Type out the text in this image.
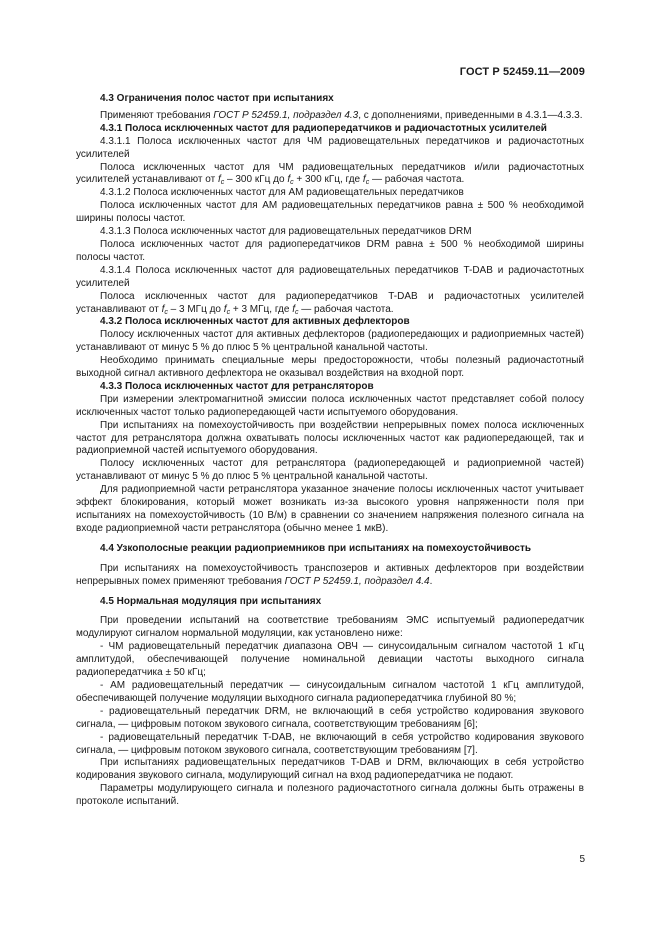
ГОСТ Р 52459.11—2009

4.3 Ограничения полос частот при испытаниях

Применяют требования ГОСТ Р 52459.1, подраздел 4.3, с дополнениями, приведенными в 4.3.1—4.3.3.

4.3.1 Полоса исключенных частот для радиопередатчиков и радиочастотных усилителей

4.3.1.1 Полоса исключенных частот для ЧМ радиовещательных передатчиков и радиочастотных усилителей

Полоса исключенных частот для ЧМ радиовещательных передатчиков и/или радиочастотных усилителей устанавливают от $f_c - 300$ кГц до $f_c + 300$ кГц, где $f_c$ — рабочая частота.

4.3.1.2 Полоса исключенных частот для АМ радиовещательных передатчиков

Полоса исключенных частот для АМ радиовещательных передатчиков равна ± 500 % необходимой ширины полосы частот.

4.3.1.3 Полоса исключенных частот для радиовещательных передатчиков DRM

Полоса исключенных частот для радиопередатчиков DRM равна ± 500 % необходимой ширины полосы частот.

4.3.1.4 Полоса исключенных частот для радиовещательных передатчиков T-DAB и радиочастотных усилителей

Полоса исключенных частот для радиопередатчиков T-DAB и радиочастотных усилителей устанавливают от $f_c - 3$ МГц до $f_c + 3$ МГц, где $f_c$ — рабочая частота.

4.3.2 Полоса исключенных частот для активных дефлекторов

Полосу исключенных частот для активных дефлекторов (радиопередающих и радиоприемных частей) устанавливают от минус 5 % до плюс 5 % центральной канальной частоты.

Необходимо принимать специальные меры предосторожности, чтобы полезный радиочастотный выходной сигнал активного дефлектора не оказывал воздействия на входной порт.

4.3.3 Полоса исключенных частот для ретрансляторов

При измерении электромагнитной эмиссии полоса исключенных частот представляет собой полосу исключенных частот только радиопередающей части испытуемого оборудования.

При испытаниях на помехоустойчивость при воздействии непрерывных помех полоса исключенных частот для ретранслятора должна охватывать полосы исключенных частот как радиопередающей, так и радиоприемной частей испытуемого оборудования.

Полосу исключенных частот для ретранслятора (радиопередающей и радиоприемной частей) устанавливают от минус 5 % до плюс 5 % центральной канальной частоты.

Для радиоприемной части ретранслятора указанное значение полосы исключенных частот учитывает эффект блокирования, который может возникать из-за высокого уровня напряженности поля при испытаниях на помехоустойчивость (10 В/м) в сравнении со значением напряжения полезного сигнала на входе радиоприемной части ретранслятора (обычно менее 1 мкВ).

4.4 Узкополосные реакции радиоприемников при испытаниях на помехоустойчивость

При испытаниях на помехоустойчивость транспозеров и активных дефлекторов при воздействии непрерывных помех применяют требования ГОСТ Р 52459.1, подраздел 4.4.

4.5 Нормальная модуляция при испытаниях

При проведении испытаний на соответствие требованиям ЭМС испытуемый радиопередатчик модулируют сигналом нормальной модуляции, как установлено ниже:

- ЧМ радиовещательный передатчик диапазона ОВЧ — синусоидальным сигналом частотой 1 кГц амплитудой, обеспечивающей получение номинальной девиации частоты выходного сигнала радиопередатчика ± 50 кГц;

- АМ радиовещательный передатчик — синусоидальным сигналом частотой 1 кГц амплитудой, обеспечивающей получение модуляции выходного сигнала радиопередатчика глубиной 80 %;

- радиовещательный передатчик DRM, не включающий в себя устройство кодирования звукового сигнала, — цифровым потоком звукового сигнала, соответствующим требованиям [6];

- радиовещательный передатчик T-DAB, не включающий в себя устройство кодирования звукового сигнала, — цифровым потоком звукового сигнала, соответствующим требованиям [7].

При испытаниях радиовещательных передатчиков T-DAB и DRM, включающих в себя устройство кодирования звукового сигнала, модулирующий сигнал на вход радиопередатчика не подают.

Параметры модулирующего сигнала и полезного радиочастотного сигнала должны быть отражены в протоколе испытаний.

5
